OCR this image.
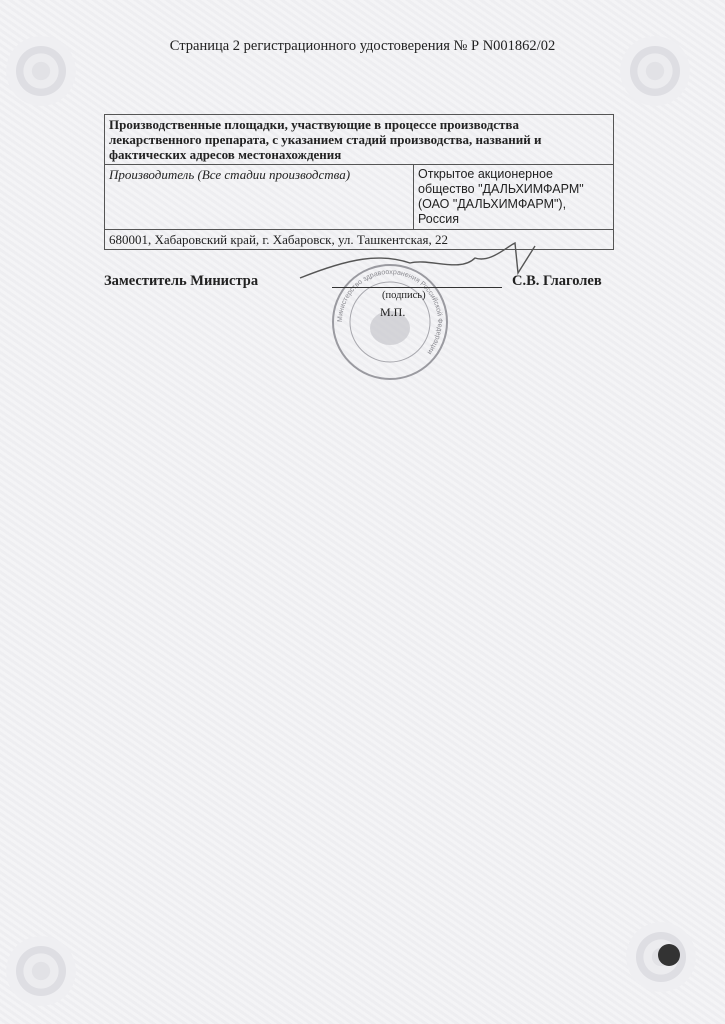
Страница 2 регистрационного удостоверения № Р N001862/02
Производственные площадки, участвующие в процессе производства лекарственного препарата, с указанием стадий производства, названий и фактических адресов местонахождения
Производитель (Все стадии производства)	Открытое акционерное общество "ДАЛЬХИМФАРМ" (ОАО "ДАЛЬХИМФАРМ"), Россия
680001, Хабаровский край, г. Хабаровск, ул. Ташкентская, 22
Министерство здравоохранения Российской Федерации
Заместитель Министра
(подпись)
М.П.
С.В. Глаголев
